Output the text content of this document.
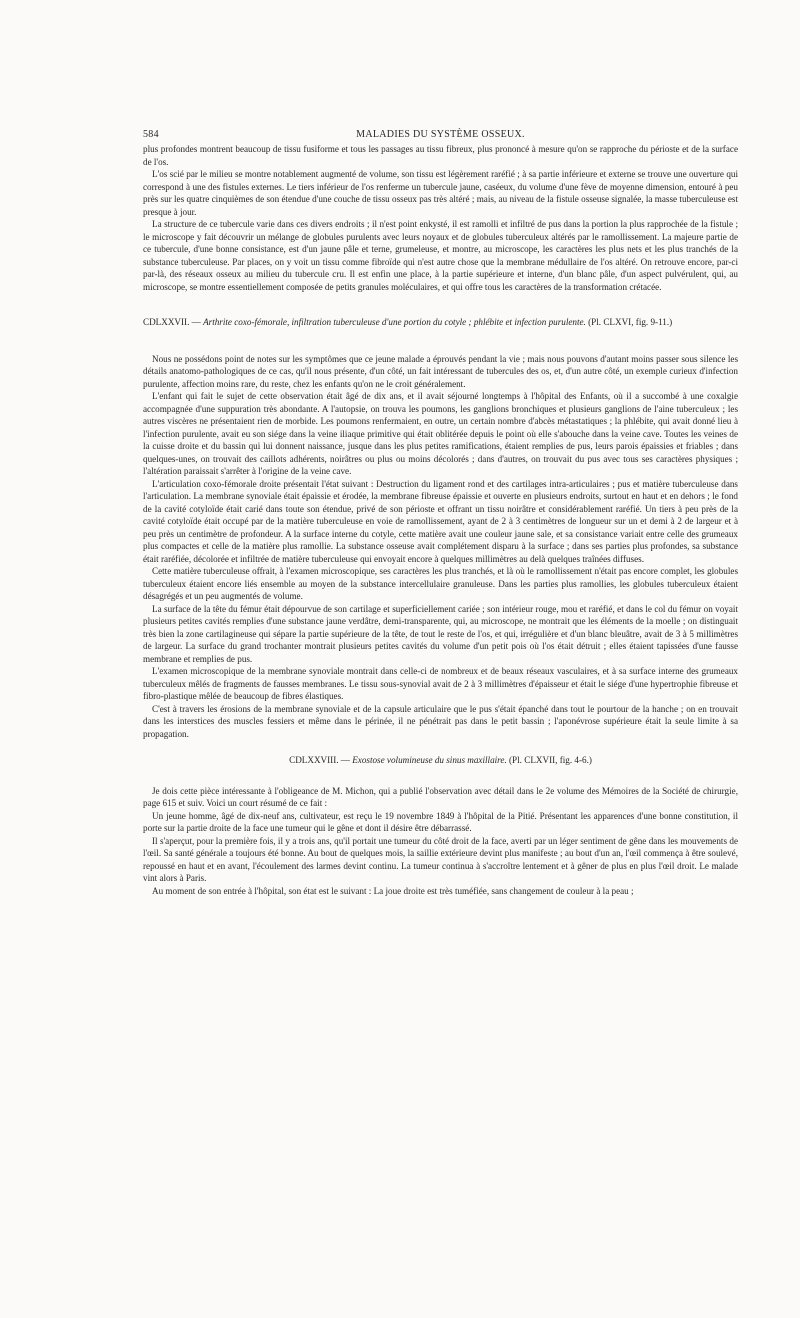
584	MALADIES DU SYSTÈME OSSEUX.

plus profondes montrent beaucoup de tissu fusiforme et tous les passages au tissu fibreux, plus prononcé à mesure qu'on se rapproche du périoste et de la surface de l'os.

L'os scié par le milieu se montre notablement augmenté de volume, son tissu est légèrement raréfié ; à sa partie inférieure et externe se trouve une ouverture qui correspond à une des fistules externes. Le tiers inférieur de l'os renferme un tubercule jaune, caséeux, du volume d'une fève de moyenne dimension, entouré à peu près sur les quatre cinquièmes de son étendue d'une couche de tissu osseux pas très altéré ; mais, au niveau de la fistule osseuse signalée, la masse tuberculeuse est presque à jour.

La structure de ce tubercule varie dans ces divers endroits ; il n'est point enkysté, il est ramolli et infiltré de pus dans la portion la plus rapprochée de la fistule ; le microscope y fait découvrir un mélange de globules purulents avec leurs noyaux et de globules tuberculeux altérés par le ramollissement. La majeure partie de ce tubercule, d'une bonne consistance, est d'un jaune pâle et terne, grumeleuse, et montre, au microscope, les caractères les plus nets et les plus tranchés de la substance tuberculeuse. Par places, on y voit un tissu comme fibroïde qui n'est autre chose que la membrane médullaire de l'os altéré. On retrouve encore, par-ci par-là, des réseaux osseux au milieu du tubercule cru. Il est enfin une place, à la partie supérieure et interne, d'un blanc pâle, d'un aspect pulvérulent, qui, au microscope, se montre essentiellement composée de petits granules moléculaires, et qui offre tous les caractères de la transformation crétacée.

CDLXXVII. — Arthrite coxo-fémorale, infiltration tuberculeuse d'une portion du cotyle ; phlébite et infection purulente. (Pl. CLXVI, fig. 9-11.)

Nous ne possédons point de notes sur les symptômes que ce jeune malade a éprouvés pendant la vie ; mais nous pouvons d'autant moins passer sous silence les détails anatomo-pathologiques de ce cas, qu'il nous présente, d'un côté, un fait intéressant de tubercules des os, et, d'un autre côté, un exemple curieux d'infection purulente, affection moins rare, du reste, chez les enfants qu'on ne le croit généralement.

L'enfant qui fait le sujet de cette observation était âgé de dix ans, et il avait séjourné longtemps à l'hôpital des Enfants, où il a succombé à une coxalgie accompagnée d'une suppuration très abondante. A l'autopsie, on trouva les poumons, les ganglions bronchiques et plusieurs ganglions de l'aine tuberculeux ; les autres viscères ne présentaient rien de morbide. Les poumons renfermaient, en outre, un certain nombre d'abcès métastatiques ; la phlébite, qui avait donné lieu à l'infection purulente, avait eu son siége dans la veine iliaque primitive qui était oblitérée depuis le point où elle s'abouche dans la veine cave. Toutes les veines de la cuisse droite et du bassin qui lui donnent naissance, jusque dans les plus petites ramifications, étaient remplies de pus, leurs parois épaissies et friables ; dans quelques-unes, on trouvait des caillots adhérents, noirâtres ou plus ou moins décolorés ; dans d'autres, on trouvait du pus avec tous ses caractères physiques ; l'altération paraissait s'arrêter à l'origine de la veine cave.

L'articulation coxo-fémorale droite présentait l'état suivant : Destruction du ligament rond et des cartilages intra-articulaires ; pus et matière tuberculeuse dans l'articulation. La membrane synoviale était épaissie et érodée, la membrane fibreuse épaissie et ouverte en plusieurs endroits, surtout en haut et en dehors ; le fond de la cavité cotyloïde était carié dans toute son étendue, privé de son périoste et offrant un tissu noirâtre et considérablement raréfié. Un tiers à peu près de la cavité cotyloïde était occupé par de la matière tuberculeuse en voie de ramollissement, ayant de 2 à 3 centimètres de longueur sur un et demi à 2 de largeur et à peu près un centimètre de profondeur. A la surface interne du cotyle, cette matière avait une couleur jaune sale, et sa consistance variait entre celle des grumeaux plus compactes et celle de la matière plus ramollie. La substance osseuse avait complétement disparu à la surface ; dans ses parties plus profondes, sa substance était raréfiée, décolorée et infiltrée de matière tuberculeuse qui envoyait encore à quelques millimètres au delà quelques traînées diffuses.

Cette matière tuberculeuse offrait, à l'examen microscopique, ses caractères les plus tranchés, et là où le ramollissement n'était pas encore complet, les globules tuberculeux étaient encore liés ensemble au moyen de la substance intercellulaire granuleuse. Dans les parties plus ramollies, les globules tuberculeux étaient désagrégés et un peu augmentés de volume.

La surface de la tête du fémur était dépourvue de son cartilage et superficiellement cariée ; son intérieur rouge, mou et raréfié, et dans le col du fémur on voyait plusieurs petites cavités remplies d'une substance jaune verdâtre, demi-transparente, qui, au microscope, ne montrait que les éléments de la moelle ; on distinguait très bien la zone cartilagineuse qui sépare la partie supérieure de la tête, de tout le reste de l'os, et qui, irrégulière et d'un blanc bleuâtre, avait de 3 à 5 millimètres de largeur. La surface du grand trochanter montrait plusieurs petites cavités du volume d'un petit pois où l'os était détruit ; elles étaient tapissées d'une fausse membrane et remplies de pus.

L'examen microscopique de la membrane synoviale montrait dans celle-ci de nombreux et de beaux réseaux vasculaires, et à sa surface interne des grumeaux tuberculeux mêlés de fragments de fausses membranes. Le tissu sous-synovial avait de 2 à 3 millimètres d'épaisseur et était le siége d'une hypertrophie fibreuse et fibro-plastique mêlée de beaucoup de fibres élastiques.

C'est à travers les érosions de la membrane synoviale et de la capsule articulaire que le pus s'était épanché dans tout le pourtour de la hanche ; on en trouvait dans les interstices des muscles fessiers et même dans le périnée, il ne pénétrait pas dans le petit bassin ; l'aponévrose supérieure était la seule limite à sa propagation.

CDLXXVIII. — Exostose volumineuse du sinus maxillaire. (Pl. CLXVII, fig. 4-6.)

Je dois cette pièce intéressante à l'obligeance de M. Michon, qui a publié l'observation avec détail dans le 2e volume des Mémoires de la Société de chirurgie, page 615 et suiv. Voici un court résumé de ce fait :

Un jeune homme, âgé de dix-neuf ans, cultivateur, est reçu le 19 novembre 1849 à l'hôpital de la Pitié. Présentant les apparences d'une bonne constitution, il porte sur la partie droite de la face une tumeur qui le gêne et dont il désire être débarrassé.

Il s'aperçut, pour la première fois, il y a trois ans, qu'il portait une tumeur du côté droit de la face, averti par un léger sentiment de gêne dans les mouvements de l'œil. Sa santé générale a toujours été bonne. Au bout de quelques mois, la saillie extérieure devint plus manifeste ; au bout d'un an, l'œil commença à être soulevé, repoussé en haut et en avant, l'écoulement des larmes devint continu. La tumeur continua à s'accroître lentement et à gêner de plus en plus l'œil droit. Le malade vint alors à Paris.

Au moment de son entrée à l'hôpital, son état est le suivant : La joue droite est très tuméfiée, sans changement de couleur à la peau ;
